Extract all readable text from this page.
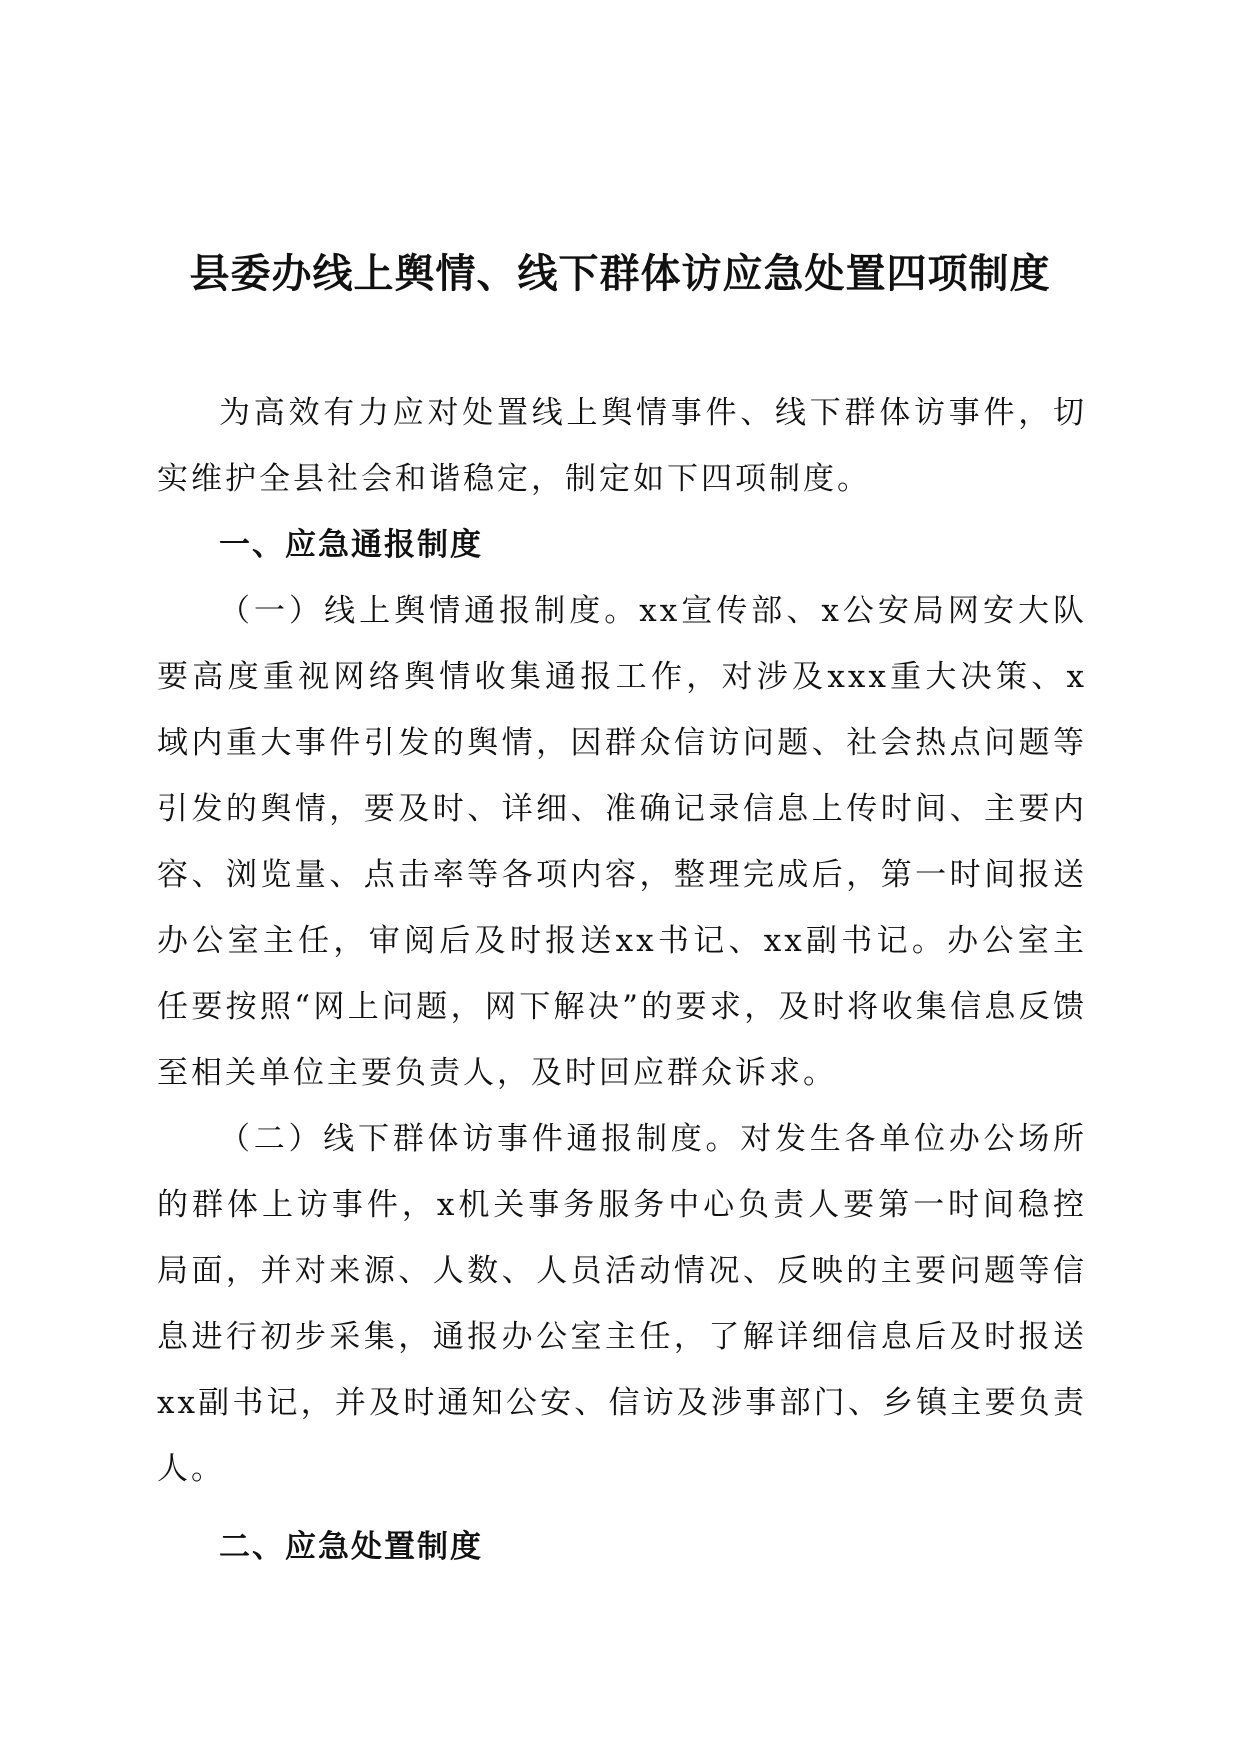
县委办线上舆情、线下群体访应急处置四项制度

为高效有力应对处置线上舆情事件、线下群体访事件，切实维护全县社会和谐稳定，制定如下四项制度。

一、应急通报制度

（一）线上舆情通报制度。xx宣传部、x公安局网安大队要高度重视网络舆情收集通报工作，对涉及xxx重大决策、x域内重大事件引发的舆情，因群众信访问题、社会热点问题等引发的舆情，要及时、详细、准确记录信息上传时间、主要内容、浏览量、点击率等各项内容，整理完成后，第一时间报送办公室主任，审阅后及时报送xx书记、xx副书记。办公室主任要按照“网上问题，网下解决”的要求，及时将收集信息反馈至相关单位主要负责人，及时回应群众诉求。

（二）线下群体访事件通报制度。对发生各单位办公场所的群体上访事件，x机关事务服务中心负责人要第一时间稳控局面，并对来源、人数、人员活动情况、反映的主要问题等信息进行初步采集，通报办公室主任，了解详细信息后及时报送xx副书记，并及时通知公安、信访及涉事部门、乡镇主要负责人。

二、应急处置制度
